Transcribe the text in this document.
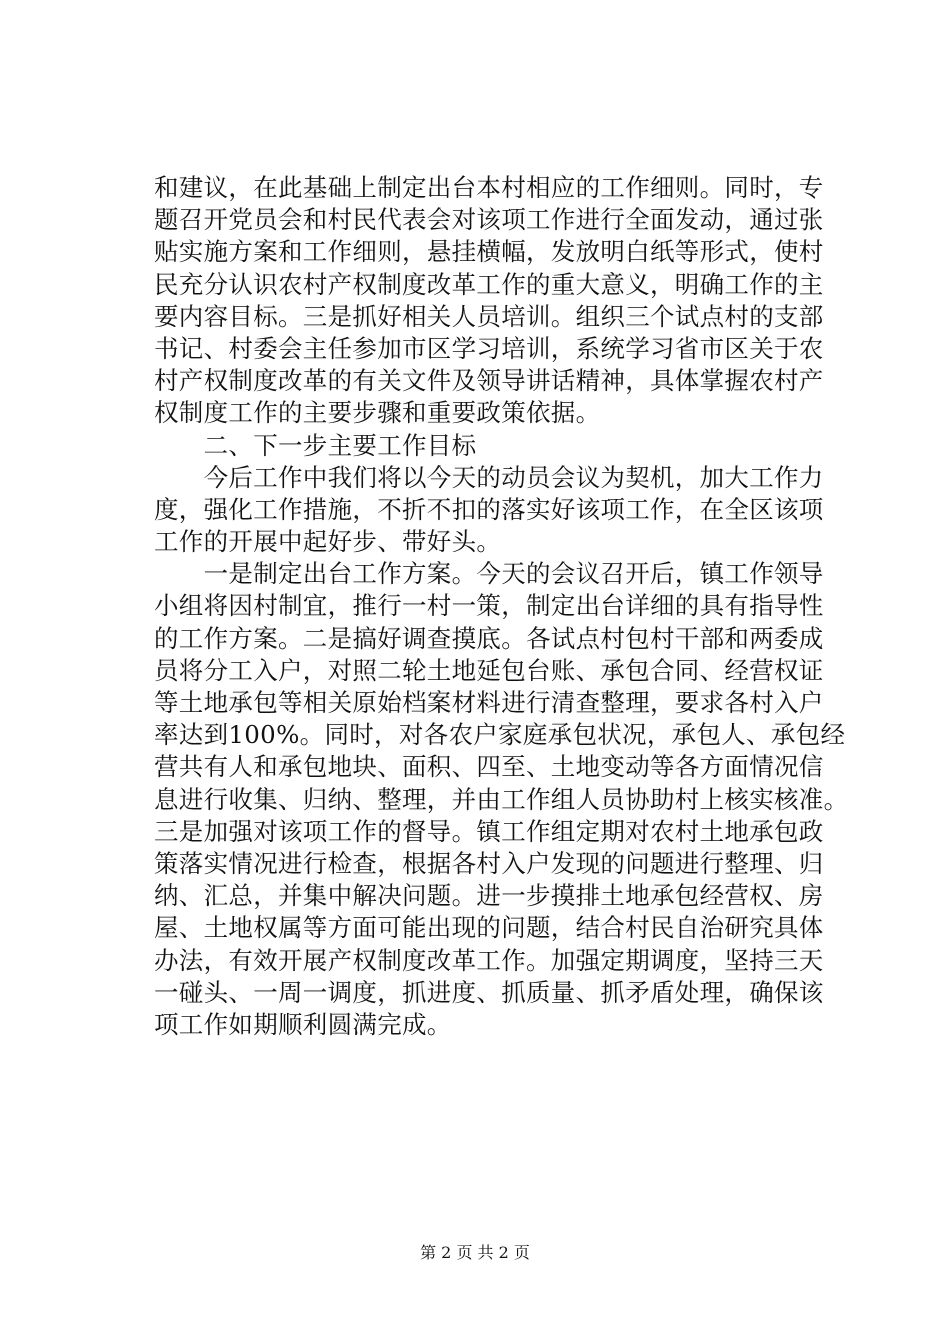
和建议，在此基础上制定出台本村相应的工作细则。同时，专
题召开党员会和村民代表会对该项工作进行全面发动，通过张
贴实施方案和工作细则，悬挂横幅，发放明白纸等形式，使村
民充分认识农村产权制度改革工作的重大意义，明确工作的主
要内容目标。三是抓好相关人员培训。组织三个试点村的支部
书记、村委会主任参加市区学习培训，系统学习省市区关于农
村产权制度改革的有关文件及领导讲话精神，具体掌握农村产
权制度工作的主要步骤和重要政策依据。
　　二、下一步主要工作目标
　　今后工作中我们将以今天的动员会议为契机，加大工作力
度，强化工作措施，不折不扣的落实好该项工作，在全区该项
工作的开展中起好步、带好头。
　　一是制定出台工作方案。今天的会议召开后，镇工作领导
小组将因村制宜，推行一村一策，制定出台详细的具有指导性
的工作方案。二是搞好调查摸底。各试点村包村干部和两委成
员将分工入户，对照二轮土地延包台账、承包合同、经营权证
等土地承包等相关原始档案材料进行清查整理，要求各村入户
率达到100%。同时，对各农户家庭承包状况，承包人、承包经
营共有人和承包地块、面积、四至、土地变动等各方面情况信
息进行收集、归纳、整理，并由工作组人员协助村上核实核准。
三是加强对该项工作的督导。镇工作组定期对农村土地承包政
策落实情况进行检查，根据各村入户发现的问题进行整理、归
纳、汇总，并集中解决问题。进一步摸排土地承包经营权、房
屋、土地权属等方面可能出现的问题，结合村民自治研究具体
办法，有效开展产权制度改革工作。加强定期调度，坚持三天
一碰头、一周一调度，抓进度、抓质量、抓矛盾处理，确保该
项工作如期顺利圆满完成。
第 2 页 共 2 页
